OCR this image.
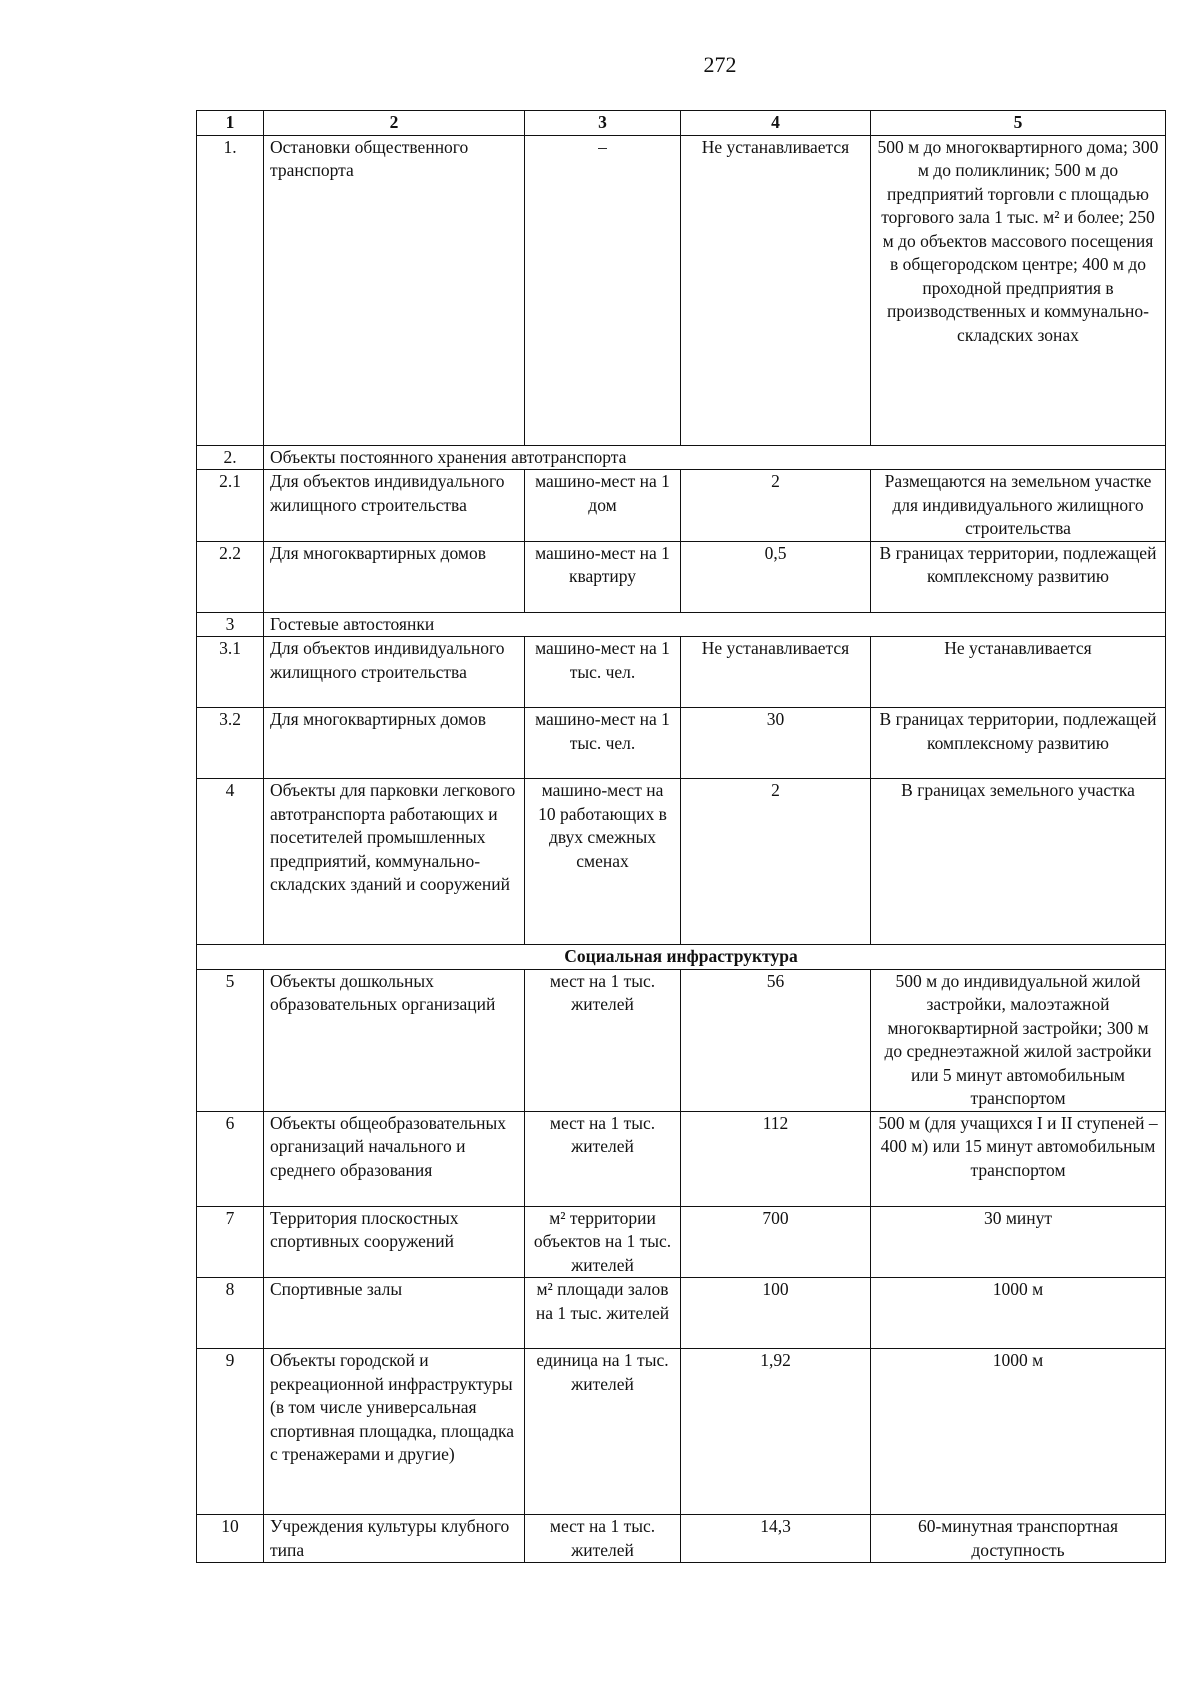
272
1	2	3	4	5
1.	Остановки общественного транспорта	–	Не устанавливается	500 м до многоквартирного дома; 300 м до поликлиник; 500 м до предприятий торговли с площадью торгового зала 1 тыс. м² и более; 250 м до объектов массового посещения в общегородском центре; 400 м до проходной предприятия в производственных и коммунально-складских зонах
2.	Объекты постоянного хранения автотранспорта			
2.1	Для объектов индивидуального жилищного строительства	машино-мест на 1 дом	2	Размещаются на земельном участке для индивидуального жилищного строительства
2.2	Для многоквартирных домов	машино-мест на 1 квартиру	0,5	В границах территории, подлежащей комплексному развитию
3	Гостевые автостоянки			
3.1	Для объектов индивидуального жилищного строительства	машино-мест на 1 тыс. чел.	Не устанавливается	Не устанавливается
3.2	Для многоквартирных домов	машино-мест на 1 тыс. чел.	30	В границах территории, подлежащей комплексному развитию
4	Объекты для парковки легкового автотранспорта работающих и посетителей промышленных предприятий, коммунально-складских зданий и сооружений	машино-мест на 10 работающих в двух смежных сменах	2	В границах земельного участка
Социальная инфраструктура				
5	Объекты дошкольных образовательных организаций	мест на 1 тыс. жителей	56	500 м до индивидуальной жилой застройки, малоэтажной многоквартирной застройки; 300 м до среднеэтажной жилой застройки или 5 минут автомобильным транспортом
6	Объекты общеобразовательных организаций начального и среднего образования	мест на 1 тыс. жителей	112	500 м (для учащихся I и II ступеней – 400 м) или 15 минут автомобильным транспортом
7	Территория плоскостных спортивных сооружений	м² территории объектов на 1 тыс. жителей	700	30 минут
8	Спортивные залы	м² площади залов на 1 тыс. жителей	100	1000 м
9	Объекты городской и рекреационной инфраструктуры (в том числе универсальная спортивная площадка, площадка с тренажерами и другие)	единица на 1 тыс. жителей	1,92	1000 м
10	Учреждения культуры клубного типа	мест на 1 тыс. жителей	14,3	60-минутная транспортная доступность
